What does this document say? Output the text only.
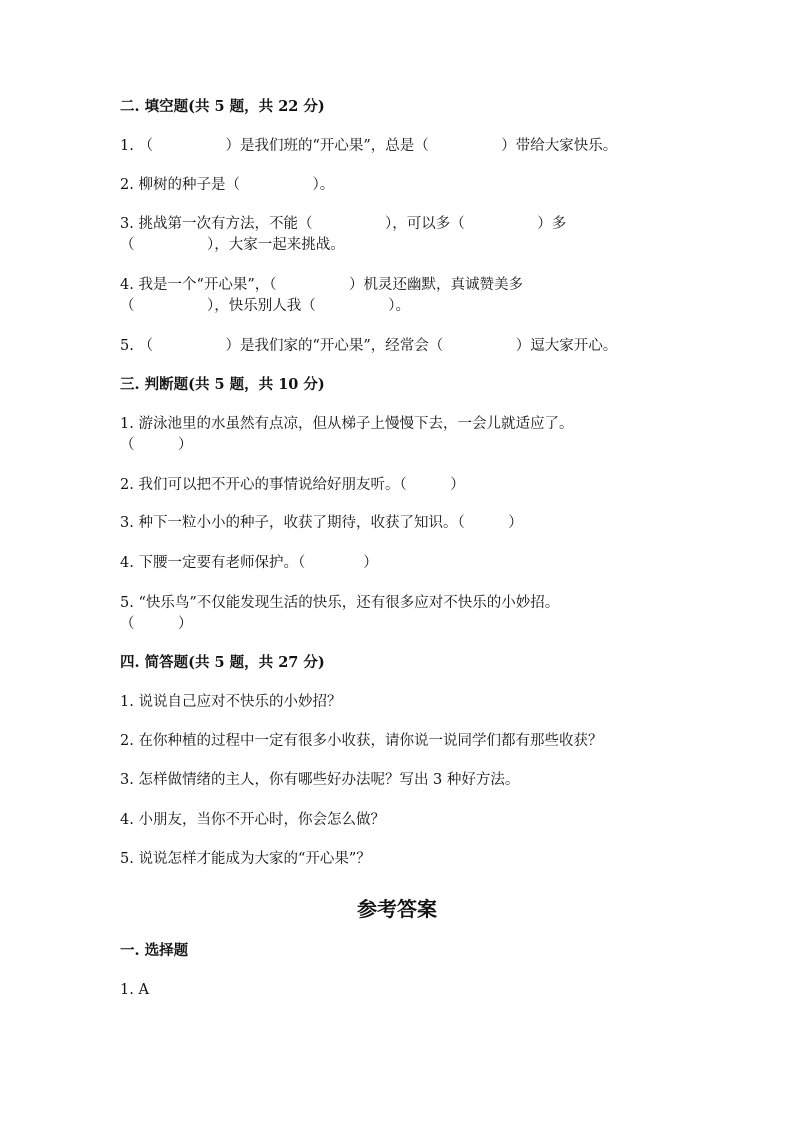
二. 填空题(共 5 题，共 22 分)
1. （　　　　　）是我们班的“开心果”，总是（　　　　　）带给大家快乐。
2. 柳树的种子是（　　　　　）。
3. 挑战第一次有方法，不能（　　　　　），可以多（　　　　　）多
（　　　　　），大家一起来挑战。
4. 我是一个“开心果”，（　　　　　）机灵还幽默，真诚赞美多
（　　　　　），快乐别人我（　　　　　）。
5. （　　　　　）是我们家的“开心果”，经常会（　　　　　）逗大家开心。
三. 判断题(共 5 题，共 10 分)
1. 游泳池里的水虽然有点凉，但从梯子上慢慢下去，一会儿就适应了。
（　　　）
2. 我们可以把不开心的事情说给好朋友听。（　　　）
3. 种下一粒小小的种子，收获了期待，收获了知识。（　　　）
4. 下腰一定要有老师保护。（　　　　）
5. “快乐鸟”不仅能发现生活的快乐，还有很多应对不快乐的小妙招。
（　　　）
四. 简答题(共 5 题，共 27 分)
1. 说说自己应对不快乐的小妙招？
2. 在你种植的过程中一定有很多小收获，请你说一说同学们都有那些收获？
3. 怎样做情绪的主人，你有哪些好办法呢？写出 3 种好方法。
4. 小朋友，当你不开心时，你会怎么做？
5. 说说怎样才能成为大家的“开心果”？
参考答案
一. 选择题
1. A
